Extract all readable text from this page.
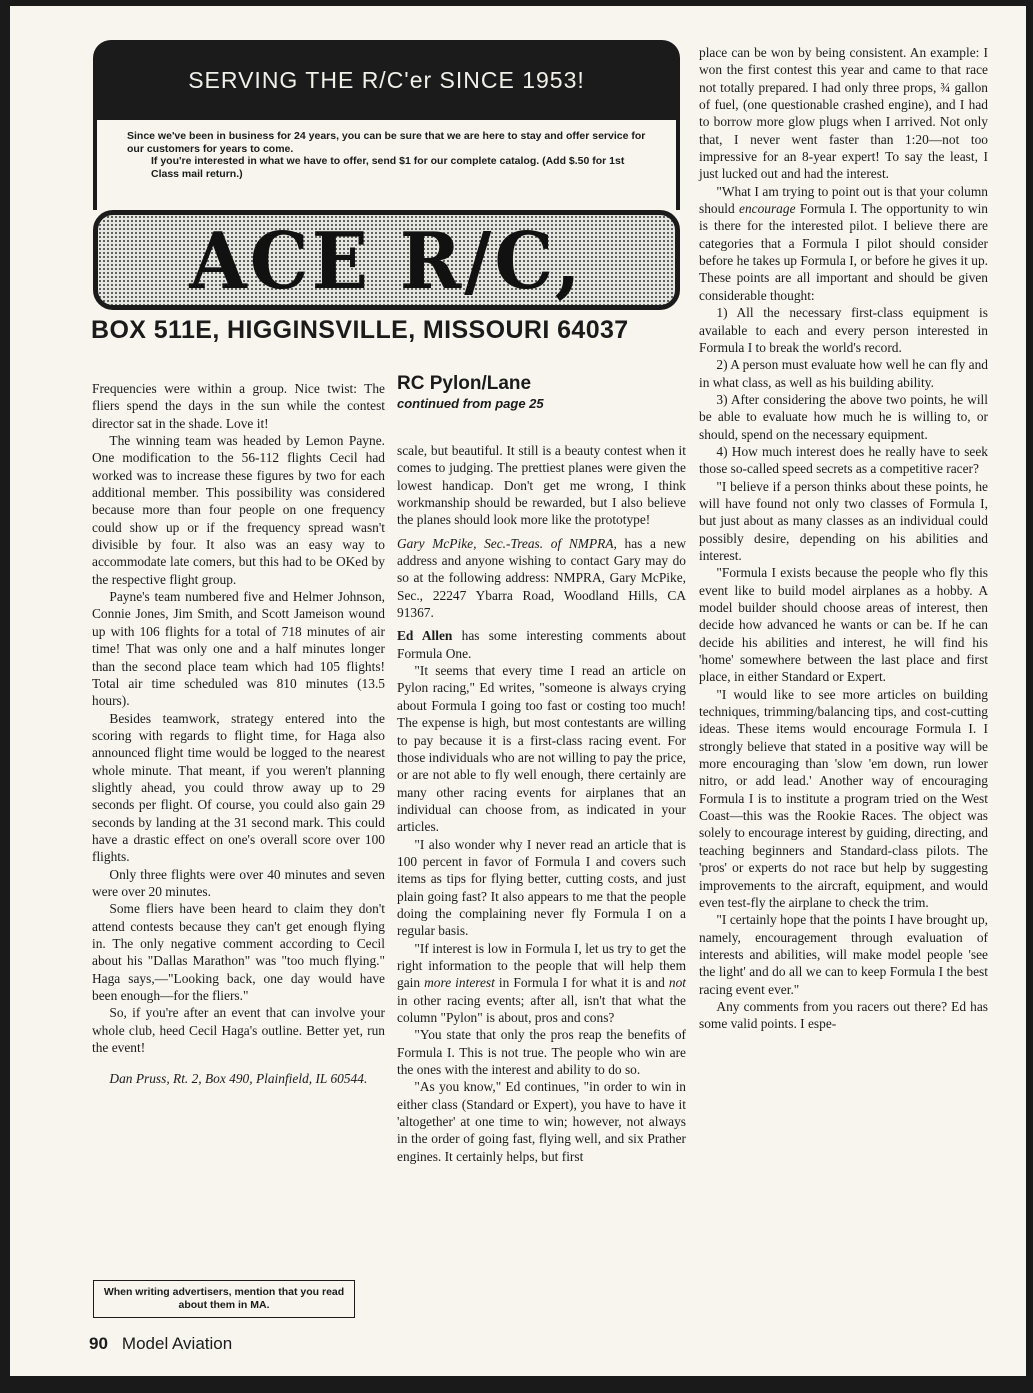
SERVING THE R/C'er SINCE 1953!
Since we've been in business for 24 years, you can be sure that we are here to stay and offer service for our customers for years to come.
If you're interested in what we have to offer, send $1 for our complete catalog. (Add $.50 for 1st Class mail return.)
ACE R/C,
BOX 511E, HIGGINSVILLE, MISSOURI 64037

Frequencies were within a group. Nice twist: The fliers spend the days in the sun while the contest director sat in the shade. Love it!

The winning team was headed by Lemon Payne. One modification to the 56-112 flights Cecil had worked was to increase these figures by two for each additional member. This possibility was considered because more than four people on one frequency could show up or if the frequency spread wasn't divisible by four. It also was an easy way to accommodate late comers, but this had to be OKed by the respective flight group.

Payne's team numbered five and Helmer Johnson, Connie Jones, Jim Smith, and Scott Jameison wound up with 106 flights for a total of 718 minutes of air time! That was only one and a half minutes longer than the second place team which had 105 flights! Total air time scheduled was 810 minutes (13.5 hours).

Besides teamwork, strategy entered into the scoring with regards to flight time, for Haga also announced flight time would be logged to the nearest whole minute. That meant, if you weren't planning slightly ahead, you could throw away up to 29 seconds per flight. Of course, you could also gain 29 seconds by landing at the 31 second mark. This could have a drastic effect on one's overall score over 100 flights.

Only three flights were over 40 minutes and seven were over 20 minutes.

Some fliers have been heard to claim they don't attend contests because they can't get enough flying in. The only negative comment according to Cecil about his "Dallas Marathon" was "too much flying." Haga says,—"Looking back, one day would have been enough—for the fliers."

So, if you're after an event that can involve your whole club, heed Cecil Haga's outline. Better yet, run the event!

Dan Pruss, Rt. 2, Box 490, Plainfield, IL 60544.

When writing advertisers, mention that you read about them in MA.
RC Pylon/Lane
continued from page 25

scale, but beautiful. It still is a beauty contest when it comes to judging. The prettiest planes were given the lowest handicap. Don't get me wrong, I think workmanship should be rewarded, but I also believe the planes should look more like the prototype!

Gary McPike, Sec.-Treas. of NMPRA, has a new address and anyone wishing to contact Gary may do so at the following address: NMPRA, Gary McPike, Sec., 22247 Ybarra Road, Woodland Hills, CA 91367.

Ed Allen has some interesting comments about Formula One.

"It seems that every time I read an article on Pylon racing," Ed writes, "someone is always crying about Formula I going too fast or costing too much! The expense is high, but most contestants are willing to pay because it is a first-class racing event. For those individuals who are not willing to pay the price, or are not able to fly well enough, there certainly are many other racing events for airplanes that an individual can choose from, as indicated in your articles.

"I also wonder why I never read an article that is 100 percent in favor of Formula I and covers such items as tips for flying better, cutting costs, and just plain going fast? It also appears to me that the people doing the complaining never fly Formula I on a regular basis.

"If interest is low in Formula I, let us try to get the right information to the people that will help them gain more interest in Formula I for what it is and not in other racing events; after all, isn't that what the column "Pylon" is about, pros and cons?

"You state that only the pros reap the benefits of Formula I. This is not true. The people who win are the ones with the interest and ability to do so.

"As you know," Ed continues, "in order to win in either class (Standard or Expert), you have to have it 'altogether' at one time to win; however, not always in the order of going fast, flying well, and six Prather engines. It certainly helps, but first

place can be won by being consistent. An example: I won the first contest this year and came to that race not totally prepared. I had only three props, ¾ gallon of fuel, (one questionable crashed engine), and I had to borrow more glow plugs when I arrived. Not only that, I never went faster than 1:20—not too impressive for an 8-year expert! To say the least, I just lucked out and had the interest.

"What I am trying to point out is that your column should encourage Formula I. The opportunity to win is there for the interested pilot. I believe there are categories that a Formula I pilot should consider before he takes up Formula I, or before he gives it up. These points are all important and should be given considerable thought:

1) All the necessary first-class equipment is available to each and every person interested in Formula I to break the world's record.

2) A person must evaluate how well he can fly and in what class, as well as his building ability.

3) After considering the above two points, he will be able to evaluate how much he is willing to, or should, spend on the necessary equipment.

4) How much interest does he really have to seek those so-called speed secrets as a competitive racer?

"I believe if a person thinks about these points, he will have found not only two classes of Formula I, but just about as many classes as an individual could possibly desire, depending on his abilities and interest.

"Formula I exists because the people who fly this event like to build model airplanes as a hobby. A model builder should choose areas of interest, then decide how advanced he wants or can be. If he can decide his abilities and interest, he will find his 'home' somewhere between the last place and first place, in either Standard or Expert.

"I would like to see more articles on building techniques, trimming/balancing tips, and cost-cutting ideas. These items would encourage Formula I. I strongly believe that stated in a positive way will be more encouraging than 'slow 'em down, run lower nitro, or add lead.' Another way of encouraging Formula I is to institute a program tried on the West Coast—this was the Rookie Races. The object was solely to encourage interest by guiding, directing, and teaching beginners and Standard-class pilots. The 'pros' or experts do not race but help by suggesting improvements to the aircraft, equipment, and would even test-fly the airplane to check the trim.

"I certainly hope that the points I have brought up, namely, encouragement through evaluation of interests and abilities, will make model people 'see the light' and do all we can to keep Formula I the best racing event ever."

Any comments from you racers out there? Ed has some valid points. I espe-

90 Model Aviation
